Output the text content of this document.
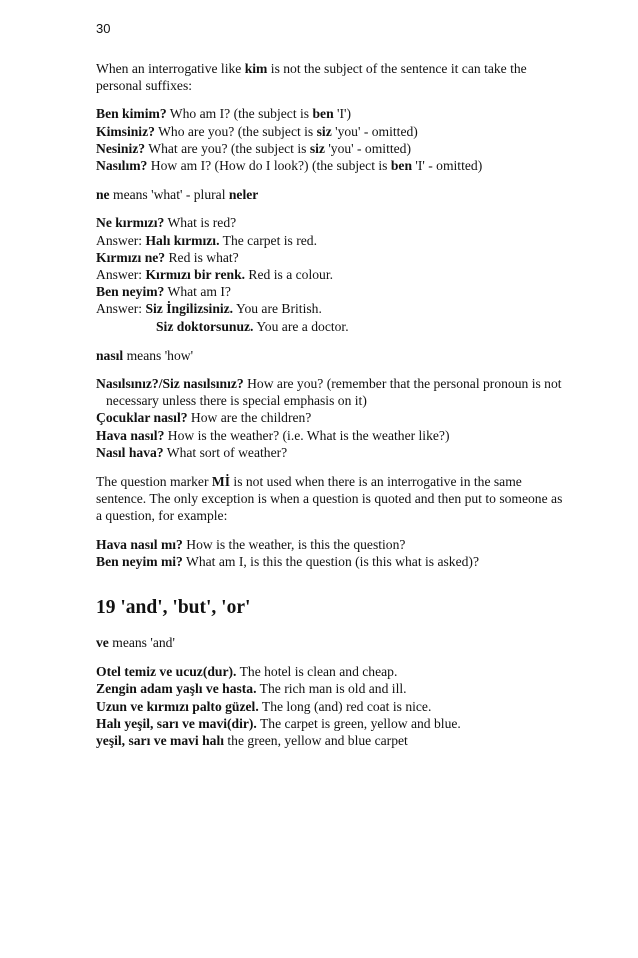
30

When an interrogative like kim is not the subject of the sentence it can take the personal suffixes:

Ben kimim? Who am I? (the subject is ben 'I')

Kimsiniz? Who are you? (the subject is siz 'you' - omitted)

Nesiniz? What are you? (the subject is siz 'you' - omitted)

Nasılım? How am I? (How do I look?) (the subject is ben 'I' - omitted)

ne means 'what' - plural neler

Ne kırmızı? What is red?

Answer: Halı kırmızı. The carpet is red.

Kırmızı ne? Red is what?

Answer: Kırmızı bir renk. Red is a colour.

Ben neyim? What am I?

Answer: Siz İngilizsiniz. You are British.

Siz doktorsunuz. You are a doctor.

nasıl means 'how'

Nasılsınız?/Siz nasılsınız? How are you? (remember that the personal pronoun is not necessary unless there is special emphasis on it)

Çocuklar nasıl? How are the children?

Hava nasıl? How is the weather? (i.e. What is the weather like?)

Nasıl hava? What sort of weather?

The question marker Mİ is not used when there is an interrogative in the same sentence. The only exception is when a question is quoted and then put to someone as a question, for example:

Hava nasıl mı? How is the weather, is this the question?

Ben neyim mi? What am I, is this the question (is this what is asked)?

19 'and', 'but', 'or'

ve means 'and'

Otel temiz ve ucuz(dur). The hotel is clean and cheap.

Zengin adam yaşlı ve hasta. The rich man is old and ill.

Uzun ve kırmızı palto güzel. The long (and) red coat is nice.

Halı yeşil, sarı ve mavi(dir). The carpet is green, yellow and blue.

yeşil, sarı ve mavi halı the green, yellow and blue carpet
